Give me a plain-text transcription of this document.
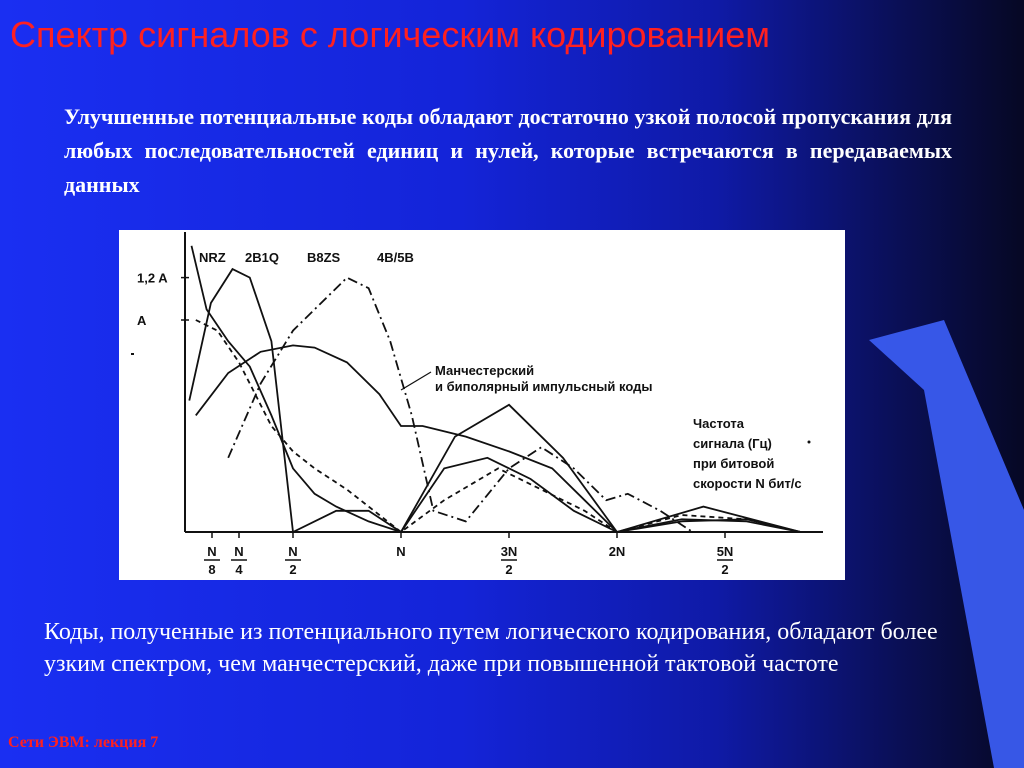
Спектр сигналов с логическим кодированием

Улучшенные потенциальные коды обладают достаточно узкой полосой пропускания для любых последовательностей единиц и нулей, которые встречаются в передаваемых данных

1,2 A
A
N
8
N
4
N
2
N	3N
2
2N	5N
2
NRZ 2B1Q B8ZS	4B/5B
Манчестерский
и биполярный импульсный коды
Частота
сигнала (Гц)
при битовой
скорости N бит/с

Коды, полученные из потенциального путем логического кодирования, обладают более узким спектром, чем манчестерский, даже при повышенной тактовой частоте

Сети ЭВМ: лекция 7
